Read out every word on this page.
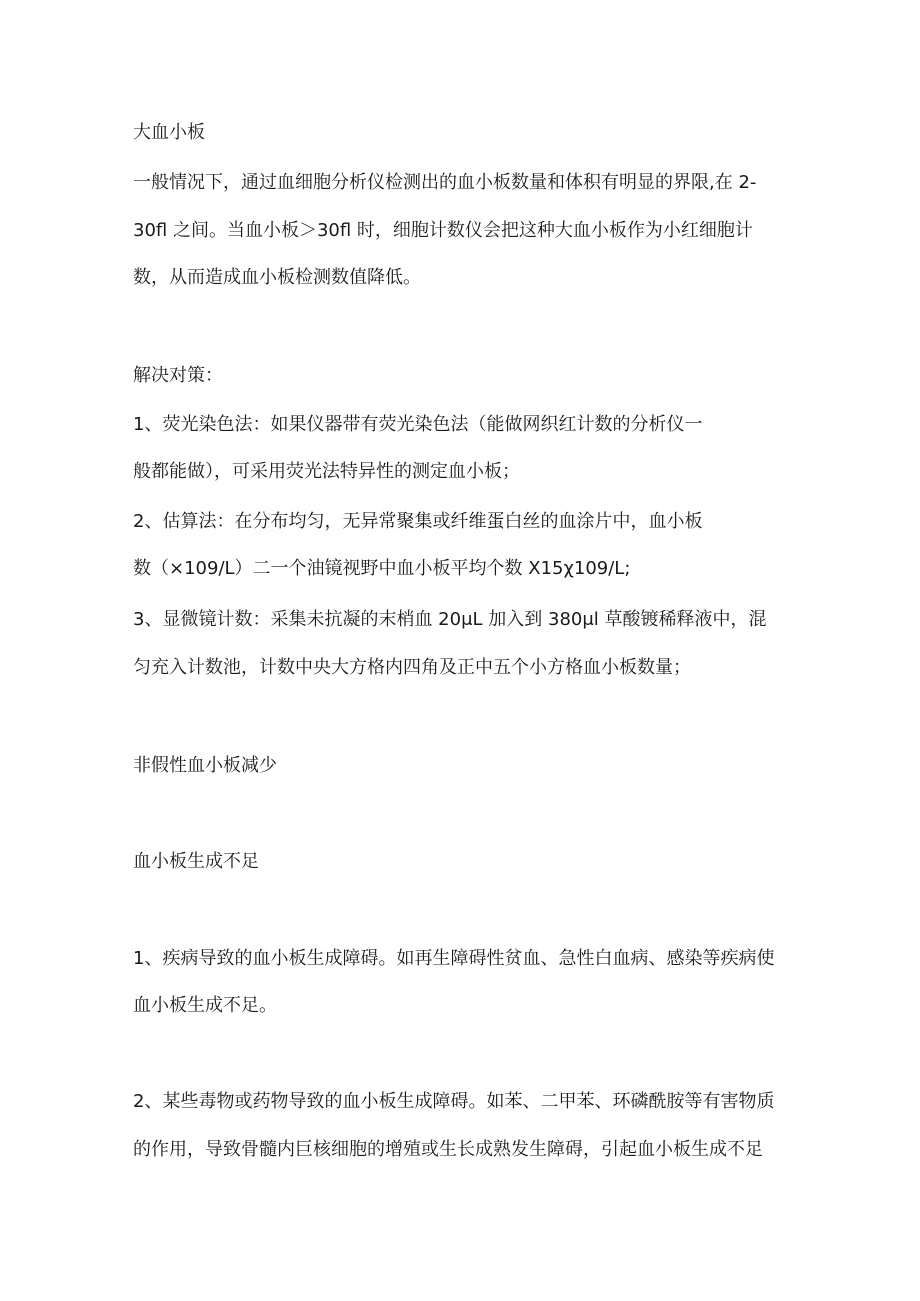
大血小板
一般情况下，通过血细胞分析仪检测出的血小板数量和体积有明显的界限,在 2-
30fl 之间。当血小板＞30fl 时，细胞计数仪会把这种大血小板作为小红细胞计
数，从而造成血小板检测数值降低。
解决对策：
1、荧光染色法：如果仪器带有荧光染色法（能做网织红计数的分析仪一
般都能做），可采用荧光法特异性的测定血小板；
2、估算法：在分布均匀，无异常聚集或纤维蛋白丝的血涂片中，血小板
数（×109/L）二一个油镜视野中血小板平均个数 X15χ109/L;
3、显微镜计数：采集未抗凝的末梢血 20μL 加入到 380μl 草酸镀稀释液中，混
匀充入计数池，计数中央大方格内四角及正中五个小方格血小板数量；
非假性血小板减少
血小板生成不足
1、疾病导致的血小板生成障碍。如再生障碍性贫血、急性白血病、感染等疾病使
血小板生成不足。
2、某些毒物或药物导致的血小板生成障碍。如苯、二甲苯、环磷酰胺等有害物质
的作用，导致骨髓内巨核细胞的增殖或生长成熟发生障碍，引起血小板生成不足
